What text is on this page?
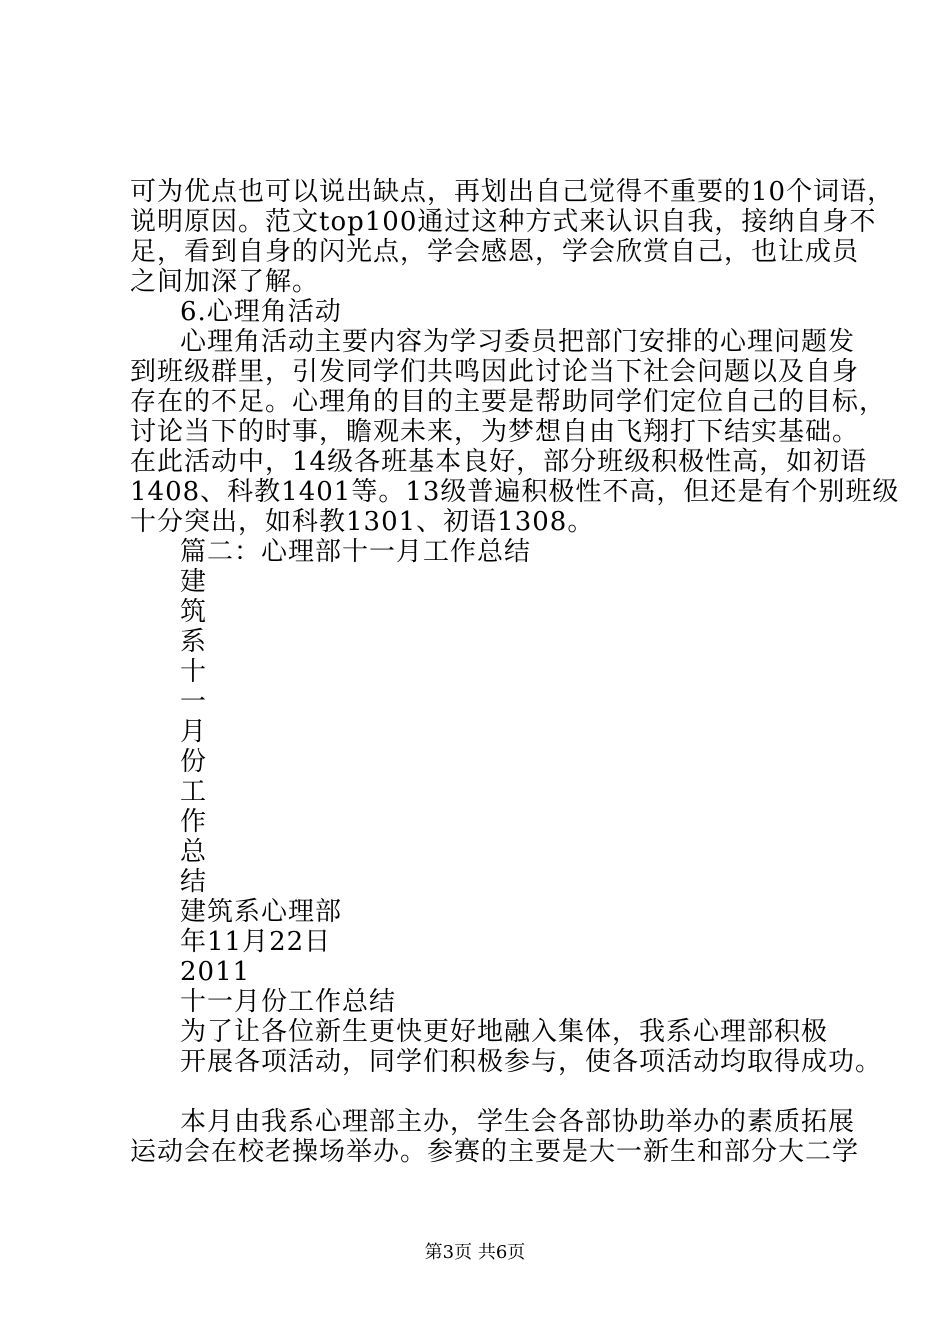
可为优点也可以说出缺点，再划出自己觉得不重要的10个词语，
说明原因。范文top100通过这种方式来认识自我，接纳自身不
足，看到自身的闪光点，学会感恩，学会欣赏自己，也让成员
之间加深了解。
6.心理角活动
心理角活动主要内容为学习委员把部门安排的心理问题发
到班级群里，引发同学们共鸣因此讨论当下社会问题以及自身
存在的不足。心理角的目的主要是帮助同学们定位自己的目标，
讨论当下的时事，瞻观未来，为梦想自由飞翔打下结实基础。
在此活动中，14级各班基本良好，部分班级积极性高，如初语
1408、科教1401等。13级普遍积极性不高，但还是有个别班级
十分突出，如科教1301、初语1308。
篇二：心理部十一月工作总结
建
筑
系
十
一
月
份
工
作
总
结
建筑系心理部
年11月22日
2011
十一月份工作总结
为了让各位新生更快更好地融入集体，我系心理部积极
开展各项活动，同学们积极参与，使各项活动均取得成功。
本月由我系心理部主办，学生会各部协助举办的素质拓展
运动会在校老操场举办。参赛的主要是大一新生和部分大二学
第3页 共6页
